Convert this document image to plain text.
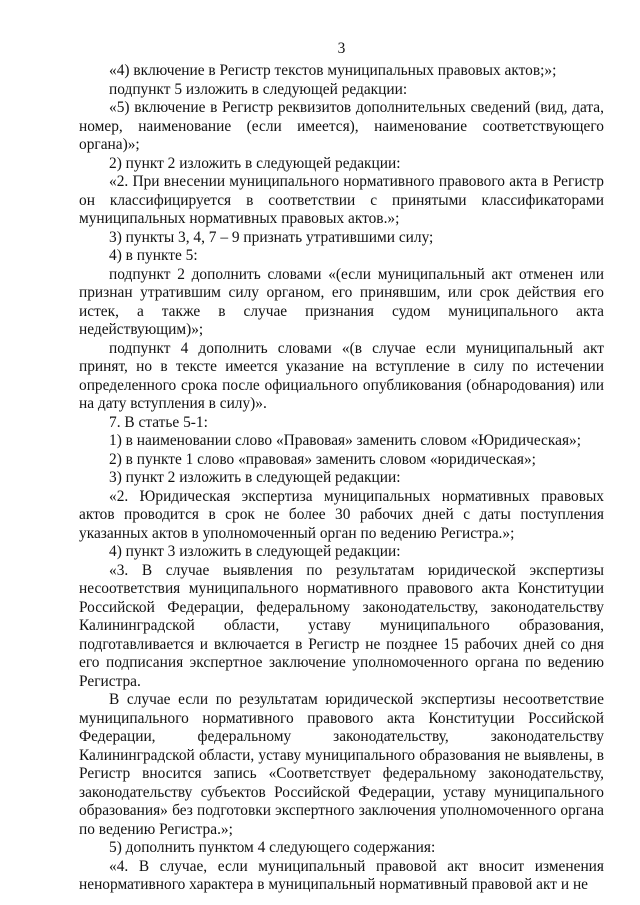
3

«4) включение в Регистр текстов муниципальных правовых актов;»;

подпункт 5 изложить в следующей редакции:

«5) включение в Регистр реквизитов дополнительных сведений (вид, дата, номер, наименование (если имеется), наименование соответствующего органа)»;

2) пункт 2 изложить в следующей редакции:

«2. При внесении муниципального нормативного правового акта в Регистр он классифицируется в соответствии с принятыми классификаторами муниципальных нормативных правовых актов.»;

3) пункты 3, 4, 7 – 9 признать утратившими силу;

4) в пункте 5:

подпункт 2 дополнить словами «(если муниципальный акт отменен или признан утратившим силу органом, его принявшим, или срок действия его истек, а также в случае признания судом муниципального акта недействующим)»;

подпункт 4 дополнить словами «(в случае если муниципальный акт принят, но в тексте имеется указание на вступление в силу по истечении определенного срока после официального опубликования (обнародования) или на дату вступления в силу)».

7. В статье 5-1:

1) в наименовании слово «Правовая» заменить словом «Юридическая»;

2) в пункте 1 слово «правовая» заменить словом «юридическая»;

3) пункт 2 изложить в следующей редакции:

«2. Юридическая экспертиза муниципальных нормативных правовых актов проводится в срок не более 30 рабочих дней с даты поступления указанных актов в уполномоченный орган по ведению Регистра.»;

4) пункт 3 изложить в следующей редакции:

«3. В случае выявления по результатам юридической экспертизы несоответствия муниципального нормативного правового акта Конституции Российской Федерации, федеральному законодательству, законодательству Калининградской области, уставу муниципального образования, подготавливается и включается в Регистр не позднее 15 рабочих дней со дня его подписания экспертное заключение уполномоченного органа по ведению Регистра.

В случае если по результатам юридической экспертизы несоответствие муниципального нормативного правового акта Конституции Российской Федерации, федеральному законодательству, законодательству Калининградской области, уставу муниципального образования не выявлены, в Регистр вносится запись «Соответствует федеральному законодательству, законодательству субъектов Российской Федерации, уставу муниципального образования» без подготовки экспертного заключения уполномоченного органа по ведению Регистра.»;

5) дополнить пунктом 4 следующего содержания:

«4. В случае, если муниципальный правовой акт вносит изменения ненормативного характера в муниципальный нормативный правовой акт и не
